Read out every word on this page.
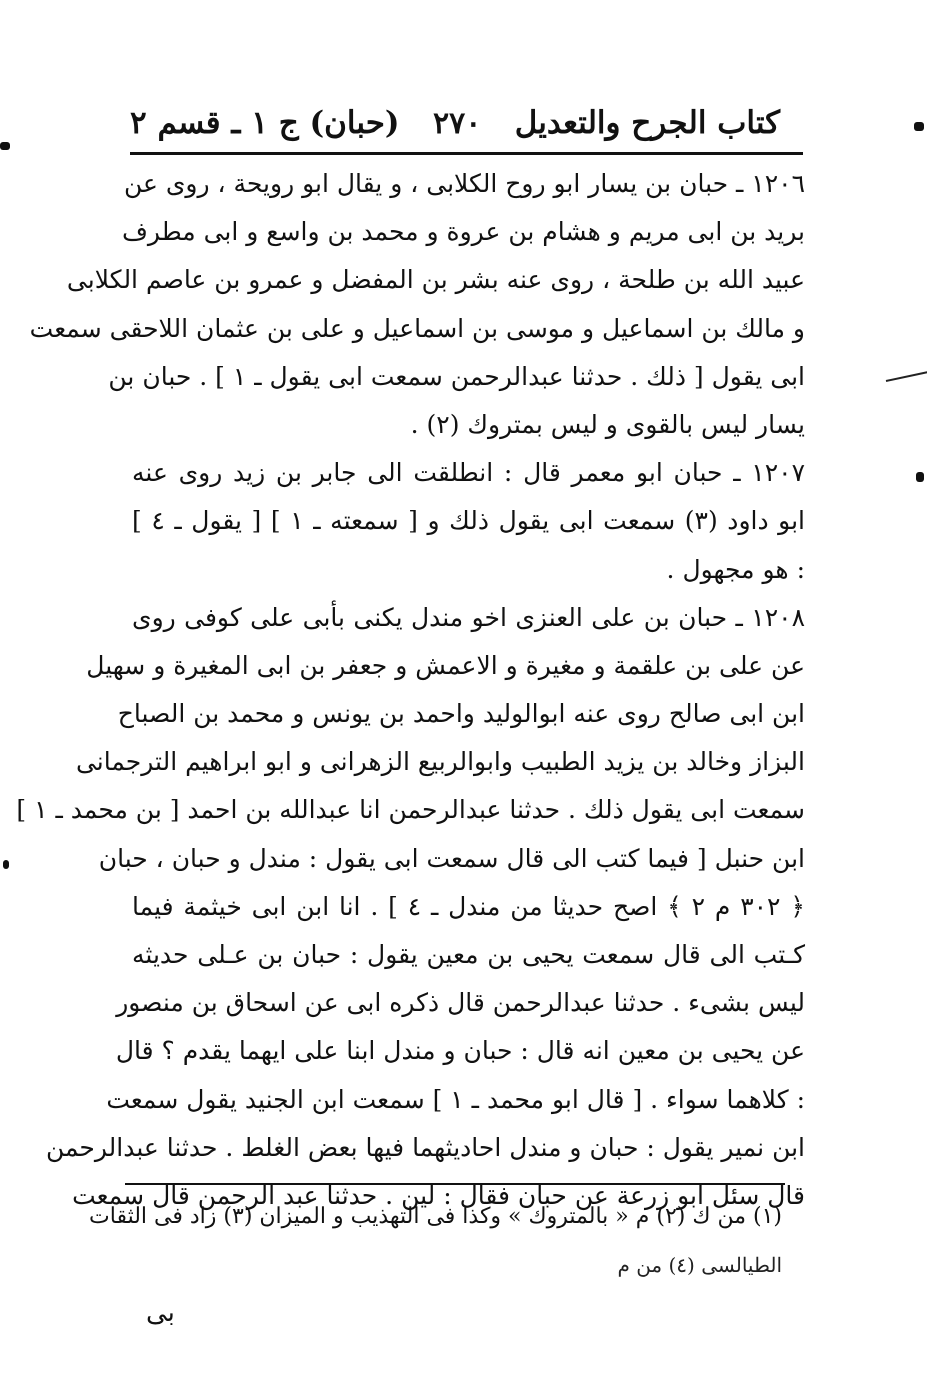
كتاب الجرح والتعديل
٢٧٠
(حبان) ج ١ ـ قسم ٢
١٢٠٦ ـ حبان بن يسار ابو روح الكلابى ، و يقال ابو رويحة ، روى عن
بريد بن ابى مريم و هشام بن عروة و محمد بن واسع و ابى مطرف
عبيد الله بن طلحة ، روى عنه بشر بن المفضل و عمرو بن عاصم الكلابى
و مالك بن اسماعيل و موسى بن اسماعيل و على بن عثمان اللاحقى سمعت
ابى يقول [ ذلك . حدثنا عبدالرحمن سمعت ابى يقول ـ ١ ] . حبان بن
يسار ليس بالقوى و ليس بمتروك (٢) .
١٢٠٧ ـ حبان ابو معمر قال : انطلقت الى جابر بن زيد روى عنه
ابو داود (٣) سمعت ابى يقول ذلك و [ سمعته ـ ١ ] [ يقول ـ ٤ ]
: هو مجهول .
١٢٠٨ ـ حبان بن على العنزى اخو مندل يكنى بأبى على كوفى روى
عن على بن علقمة و مغيرة و الاعمش و جعفر بن ابى المغيرة و سهيل
ابن ابى صالح روى عنه ابوالوليد واحمد بن يونس و محمد بن الصباح
البزاز وخالد بن يزيد الطبيب وابوالربيع الزهرانى و ابو ابراهيم الترجمانى
سمعت ابى يقول ذلك . حدثنا عبدالرحمن انا عبدالله بن احمد [ بن محمد ـ ١ ]
ابن حنبل [ فيما كتب الى قال سمعت ابى يقول : مندل و حبان ، حبان
﴿ ٣٠٢ م ٢ ﴾ اصح حديثا من مندل ـ ٤ ] . انا ابن ابى خيثمة فيما
كـتب الى قال سمعت يحيى بن معين يقول : حبان بن عـلى حديثه
ليس بشىء . حدثنا عبدالرحمن قال ذكره ابى عن اسحاق بن منصور
عن يحيى بن معين انه قال : حبان و مندل ابنا على ايهما يقدم ؟ قال
: كلاهما سواء . [ قال ابو محمد ـ ١ ] سمعت ابن الجنيد يقول سمعت
ابن نمير يقول : حبان و مندل احاديثهما فيها بعض الغلط . حدثنا عبدالرحمن
قال سئل ابو زرعة عن حبان فقال : لين . حدثنا عبد الرحمن قال سمعت
(١) من ك (٢) م « بالمتروك » وكذا فى التهذيب و الميزان (٣) زاد فى الثقات
الطيالسى (٤) من م
بى
